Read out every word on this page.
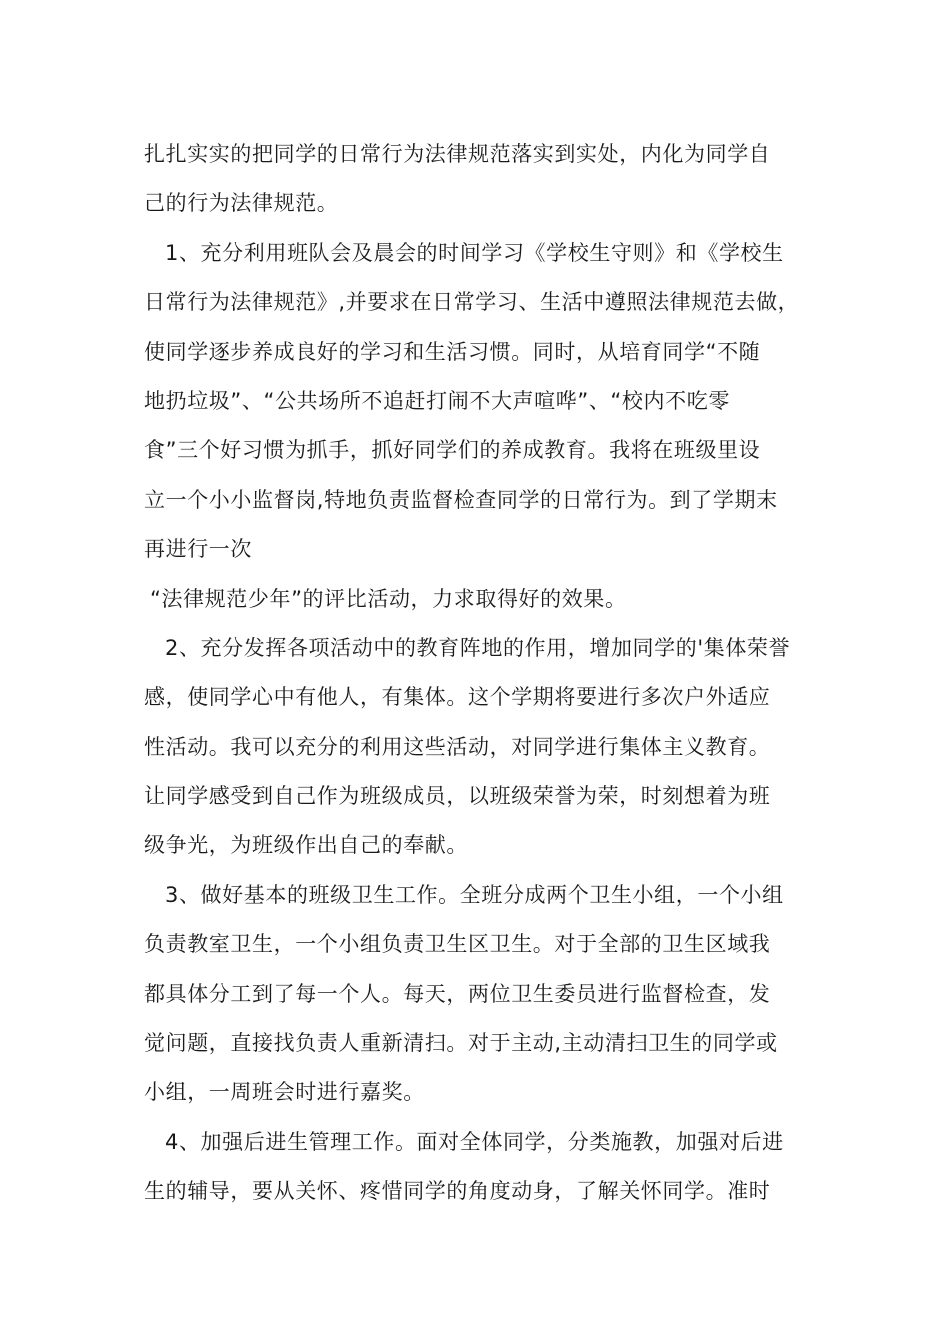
扎扎实实的把同学的日常行为法律规范落实到实处，内化为同学自
己的行为法律规范。
1、充分利用班队会及晨会的时间学习《学校生守则》和《学校生
日常行为法律规范》,并要求在日常学习、生活中遵照法律规范去做，
使同学逐步养成良好的学习和生活习惯。同时，从培育同学“不随
地扔垃圾”、“公共场所不追赶打闹不大声喧哗”、“校内不吃零
食”三个好习惯为抓手，抓好同学们的养成教育。我将在班级里设
立一个小小监督岗,特地负责监督检查同学的日常行为。到了学期末
再进行一次
“法律规范少年”的评比活动，力求取得好的效果。
2、充分发挥各项活动中的教育阵地的作用，增加同学的'集体荣誉
感，使同学心中有他人，有集体。这个学期将要进行多次户外适应
性活动。我可以充分的利用这些活动，对同学进行集体主义教育。
让同学感受到自己作为班级成员，以班级荣誉为荣，时刻想着为班
级争光，为班级作出自己的奉献。
3、做好基本的班级卫生工作。全班分成两个卫生小组，一个小组
负责教室卫生，一个小组负责卫生区卫生。对于全部的卫生区域我
都具体分工到了每一个人。每天，两位卫生委员进行监督检查，发
觉问题，直接找负责人重新清扫。对于主动,主动清扫卫生的同学或
小组，一周班会时进行嘉奖。
4、加强后进生管理工作。面对全体同学，分类施教，加强对后进
生的辅导，要从关怀、疼惜同学的角度动身，了解关怀同学。准时
